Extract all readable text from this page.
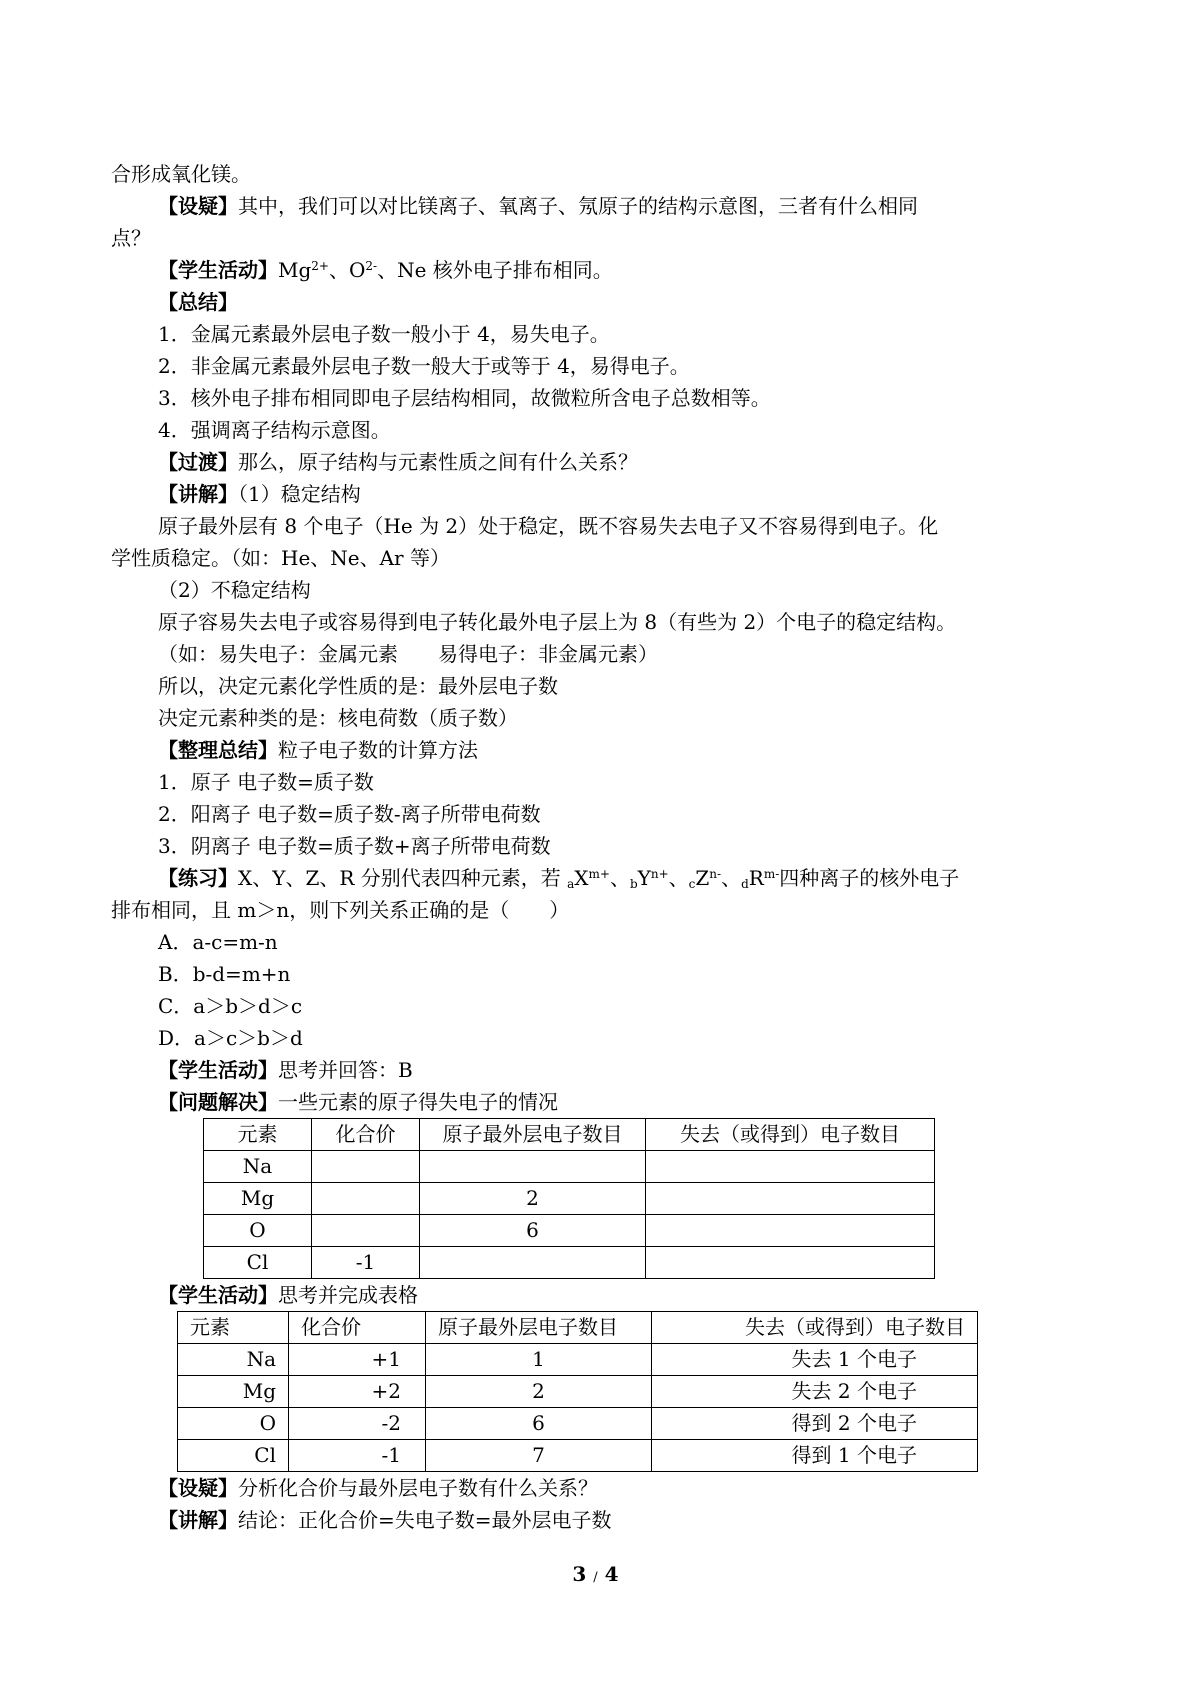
合形成氧化镁。
【设疑】其中，我们可以对比镁离子、氧离子、氖原子的结构示意图，三者有什么相同
点？
【学生活动】$Mg^{2+}$、$O^{2-}$、Ne 核外电子排布相同。
【总结】
1．金属元素最外层电子数一般小于 4，易失电子。
2．非金属元素最外层电子数一般大于或等于 4，易得电子。
3．核外电子排布相同即电子层结构相同，故微粒所含电子总数相等。
4．强调离子结构示意图。
【过渡】那么，原子结构与元素性质之间有什么关系？
【讲解】（1）稳定结构
原子最外层有 8 个电子（He 为 2）处于稳定，既不容易失去电子又不容易得到电子。化
学性质稳定。（如：He、Ne、Ar 等）
（2）不稳定结构
原子容易失去电子或容易得到电子转化最外电子层上为 8（有些为 2）个电子的稳定结构。
（如：易失电子：金属元素　　易得电子：非金属元素）
所以，决定元素化学性质的是：最外层电子数
决定元素种类的是：核电荷数（质子数）
【整理总结】粒子电子数的计算方法
1．原子 电子数=质子数
2．阳离子 电子数=质子数-离子所带电荷数
3．阴离子 电子数=质子数+离子所带电荷数
【练习】X、Y、Z、R 分别代表四种元素，若 $aX^{m+}$、$bY^{n+}$、$cZ^{n-}$、$dR^{m-}$四种离子的核外电子
排布相同，且 m＞n，则下列关系正确的是（　　）
A．a-c=m-n
B．b-d=m+n
C．a＞b＞d＞c
D．a＞c＞b＞d
【学生活动】思考并回答：B
【问题解决】一些元素的原子得失电子的情况
元素	化合价	原子最外层电子数目	失去（或得到）电子数目
Na			
Mg		2	
O		6	
Cl	-1		
【学生活动】思考并完成表格
元素	化合价	原子最外层电子数目	失去（或得到）电子数目
Na	+1	1	失去 1 个电子
Mg	+2	2	失去 2 个电子
O	-2	6	得到 2 个电子
Cl	-1	7	得到 1 个电子
【设疑】分析化合价与最外层电子数有什么关系？
【讲解】结论：正化合价=失电子数=最外层电子数
3 / 4
